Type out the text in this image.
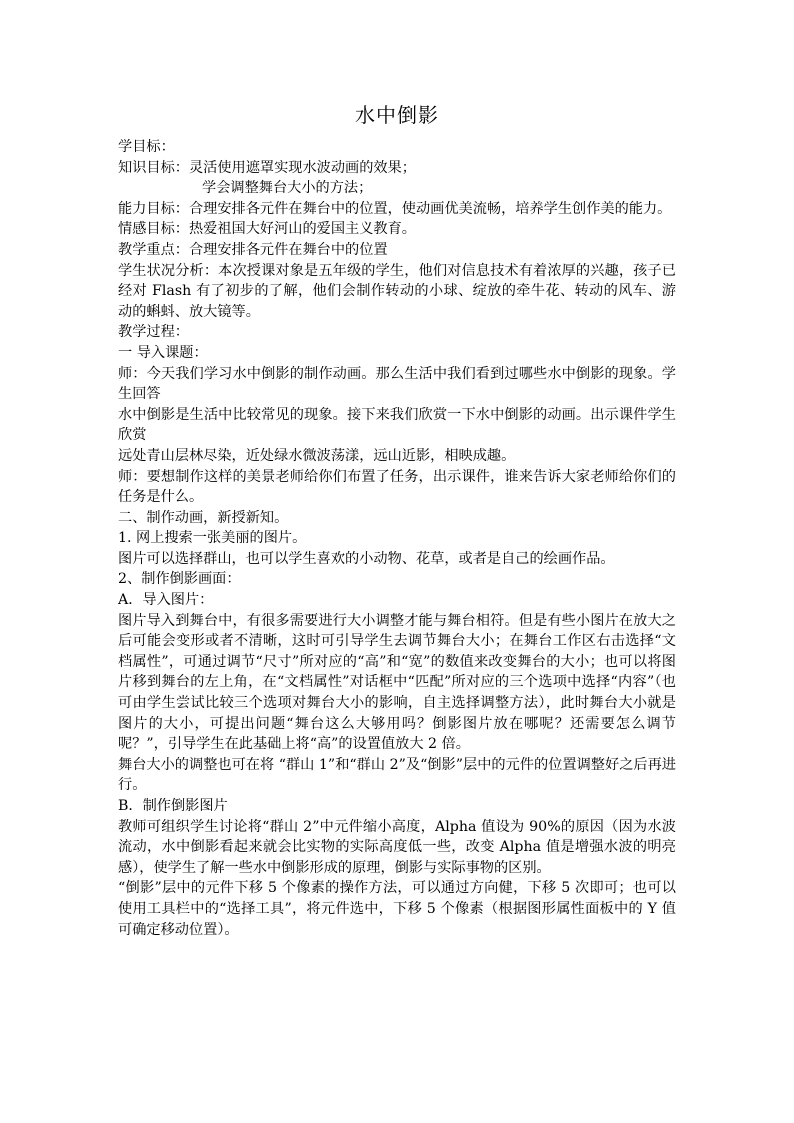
水中倒影

学目标：

知识目标：灵活使用遮罩实现水波动画的效果；

学会调整舞台大小的方法；

能力目标：合理安排各元件在舞台中的位置，使动画优美流畅，培养学生创作美的能力。

情感目标：热爱祖国大好河山的爱国主义教育。

教学重点：合理安排各元件在舞台中的位置

学生状况分析：本次授课对象是五年级的学生，他们对信息技术有着浓厚的兴趣，孩子已经对 Flash 有了初步的了解，他们会制作转动的小球、绽放的牵牛花、转动的风车、游动的蝌蚪、放大镜等。

教学过程：

一 导入课题：

师：今天我们学习水中倒影的制作动画。那么生活中我们看到过哪些水中倒影的现象。学生回答

水中倒影是生活中比较常见的现象。接下来我们欣赏一下水中倒影的动画。出示课件学生欣赏

远处青山层林尽染，近处绿水微波荡漾，远山近影，相映成趣。

师：要想制作这样的美景老师给你们布置了任务，出示课件，谁来告诉大家老师给你们的任务是什么。

二、制作动画，新授新知。

1. 网上搜索一张美丽的图片。

图片可以选择群山，也可以学生喜欢的小动物、花草，或者是自己的绘画作品。

2、制作倒影画面：

A．导入图片：

图片导入到舞台中，有很多需要进行大小调整才能与舞台相符。但是有些小图片在放大之后可能会变形或者不清晰，这时可引导学生去调节舞台大小；在舞台工作区右击选择“文档属性”，可通过调节“尺寸”所对应的“高”和“宽”的数值来改变舞台的大小；也可以将图片移到舞台的左上角，在“文档属性”对话框中“匹配”所对应的三个选项中选择“内容”（也可由学生尝试比较三个选项对舞台大小的影响，自主选择调整方法），此时舞台大小就是图片的大小，可提出问题“舞台这么大够用吗？倒影图片放在哪呢？还需要怎么调节呢？”，引导学生在此基础上将“高”的设置值放大 2 倍。

舞台大小的调整也可在将 “群山 1”和“群山 2”及“倒影”层中的元件的位置调整好之后再进行。

B．制作倒影图片

教师可组织学生讨论将“群山 2”中元件缩小高度，Alpha 值设为 90%的原因（因为水波流动，水中倒影看起来就会比实物的实际高度低一些，改变 Alpha 值是增强水波的明亮感），使学生了解一些水中倒影形成的原理，倒影与实际事物的区别。

“倒影”层中的元件下移 5 个像素的操作方法，可以通过方向健，下移 5 次即可；也可以使用工具栏中的“选择工具”，将元件选中，下移 5 个像素（根据图形属性面板中的 Y 值可确定移动位置）。
